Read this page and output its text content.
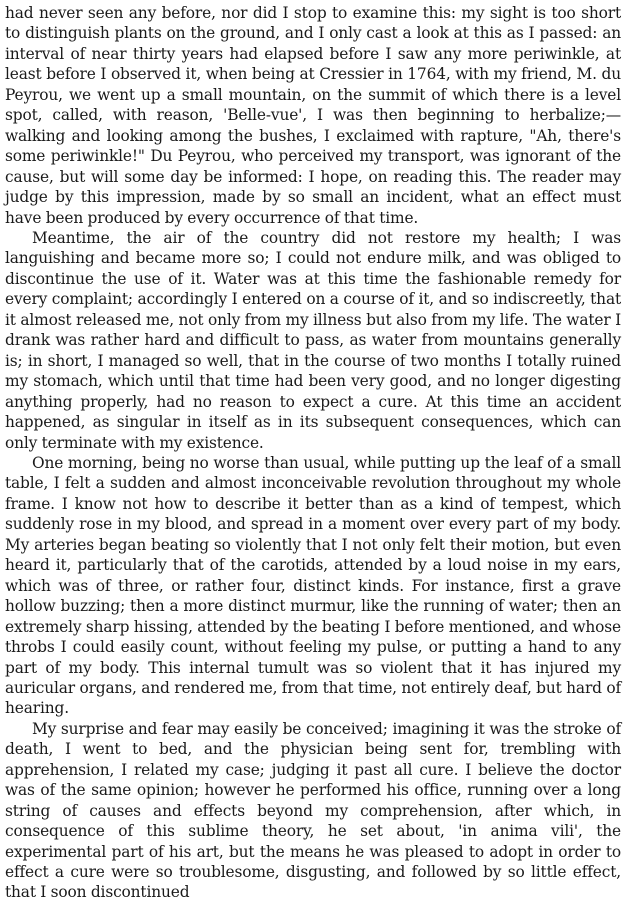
had never seen any before, nor did I stop to examine this: my sight is too short to distinguish plants on the ground, and I only cast a look at this as I passed: an interval of near thirty years had elapsed before I saw any more periwinkle, at least before I observed it, when being at Cressier in 1764, with my friend, M. du Peyrou, we went up a small mountain, on the summit of which there is a level spot, called, with reason, 'Belle-vue', I was then beginning to herbalize;—walking and looking among the bushes, I exclaimed with rapture, "Ah, there's some periwinkle!" Du Peyrou, who perceived my transport, was ignorant of the cause, but will some day be informed: I hope, on reading this. The reader may judge by this impression, made by so small an incident, what an effect must have been produced by every occurrence of that time.

Meantime, the air of the country did not restore my health; I was languishing and became more so; I could not endure milk, and was obliged to discontinue the use of it. Water was at this time the fashionable remedy for every complaint; accordingly I entered on a course of it, and so indiscreetly, that it almost released me, not only from my illness but also from my life. The water I drank was rather hard and difficult to pass, as water from mountains generally is; in short, I managed so well, that in the course of two months I totally ruined my stomach, which until that time had been very good, and no longer digesting anything properly, had no reason to expect a cure. At this time an accident happened, as singular in itself as in its subsequent consequences, which can only terminate with my existence.

One morning, being no worse than usual, while putting up the leaf of a small table, I felt a sudden and almost inconceivable revolution throughout my whole frame. I know not how to describe it better than as a kind of tempest, which suddenly rose in my blood, and spread in a moment over every part of my body. My arteries began beating so violently that I not only felt their motion, but even heard it, particularly that of the carotids, attended by a loud noise in my ears, which was of three, or rather four, distinct kinds. For instance, first a grave hollow buzzing; then a more distinct murmur, like the running of water; then an extremely sharp hissing, attended by the beating I before mentioned, and whose throbs I could easily count, without feeling my pulse, or putting a hand to any part of my body. This internal tumult was so violent that it has injured my auricular organs, and rendered me, from that time, not entirely deaf, but hard of hearing.

My surprise and fear may easily be conceived; imagining it was the stroke of death, I went to bed, and the physician being sent for, trembling with apprehension, I related my case; judging it past all cure. I believe the doctor was of the same opinion; however he performed his office, running over a long string of causes and effects beyond my comprehension, after which, in consequence of this sublime theory, he set about, 'in anima vili', the experimental part of his art, but the means he was pleased to adopt in order to effect a cure were so troublesome, disgusting, and followed by so little effect, that I soon discontinued
